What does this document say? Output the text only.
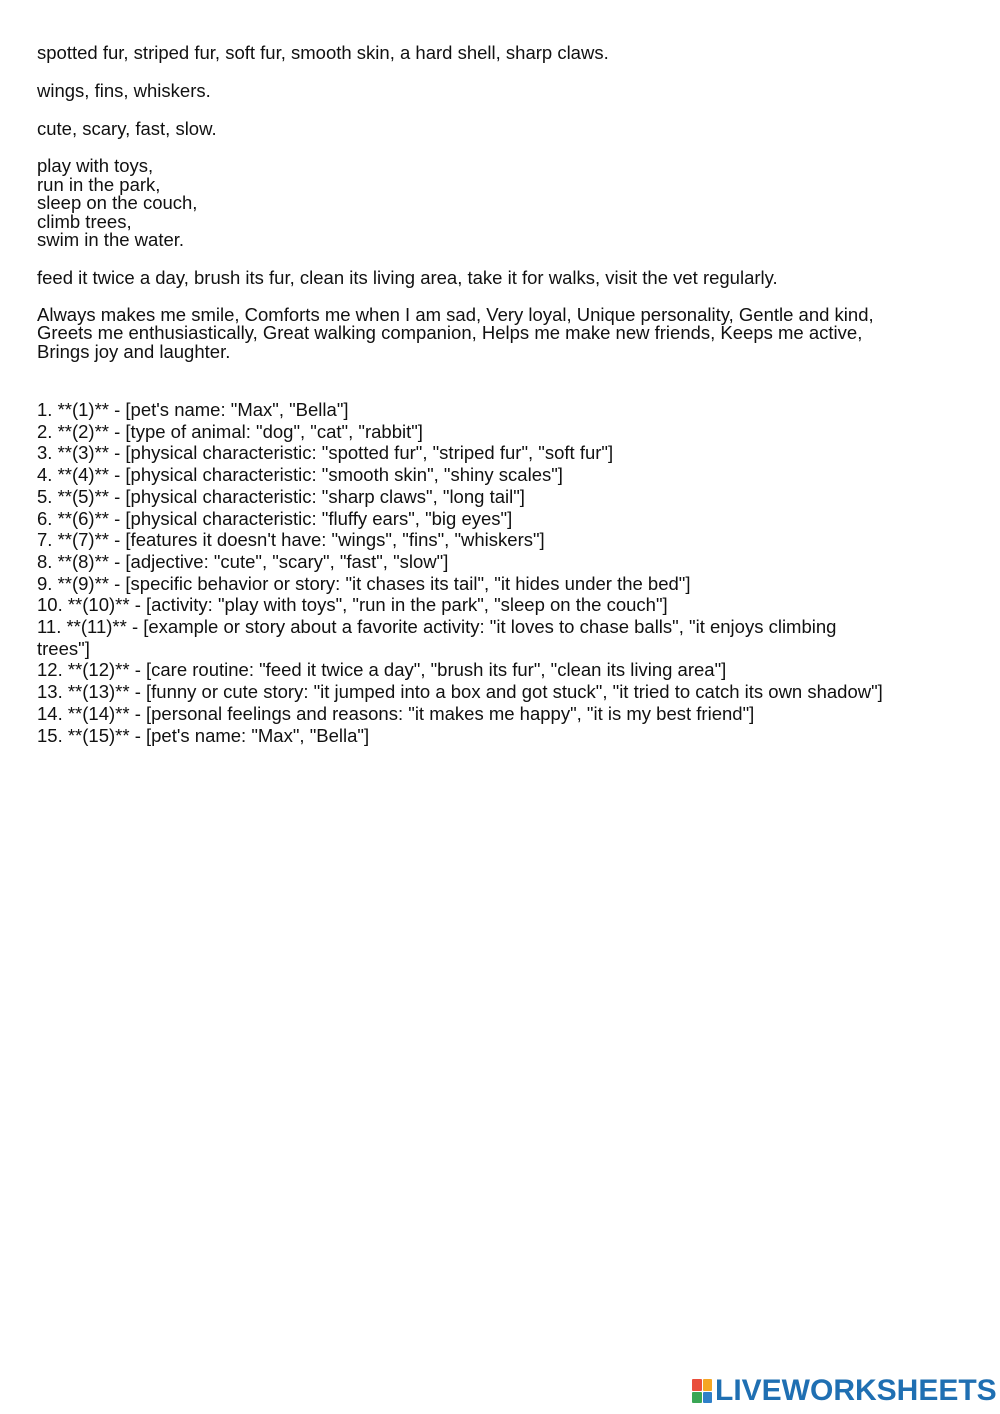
spotted fur, striped fur, soft fur, smooth skin, a hard shell, sharp claws.

wings, fins, whiskers.

cute, scary, fast, slow.

play with toys,
run in the park,
sleep on the couch,
climb trees,
swim in the water.

feed it twice a day, brush its fur, clean its living area, take it for walks, visit the vet regularly.

Always makes me smile, Comforts me when I am sad, Very loyal, Unique personality, Gentle and kind,
Greets me enthusiastically, Great walking companion, Helps me make new friends, Keeps me active,
Brings joy and laughter.
1. **(1)** - [pet's name: "Max", "Bella"]
2. **(2)** - [type of animal: "dog", "cat", "rabbit"]
3. **(3)** - [physical characteristic: "spotted fur", "striped fur", "soft fur"]
4. **(4)** - [physical characteristic: "smooth skin", "shiny scales"]
5. **(5)** - [physical characteristic: "sharp claws", "long tail"]
6. **(6)** - [physical characteristic: "fluffy ears", "big eyes"]
7. **(7)** - [features it doesn't have: "wings", "fins", "whiskers"]
8. **(8)** - [adjective: "cute", "scary", "fast", "slow"]
9. **(9)** - [specific behavior or story: "it chases its tail", "it hides under the bed"]
10. **(10)** - [activity: "play with toys", "run in the park", "sleep on the couch"]
11. **(11)** - [example or story about a favorite activity: "it loves to chase balls", "it enjoys climbing
trees"]
12. **(12)** - [care routine: "feed it twice a day", "brush its fur", "clean its living area"]
13. **(13)** - [funny or cute story: "it jumped into a box and got stuck", "it tried to catch its own shadow"]
14. **(14)** - [personal feelings and reasons: "it makes me happy", "it is my best friend"]
15. **(15)** - [pet's name: "Max", "Bella"]
LIVEWORKSHEETS
